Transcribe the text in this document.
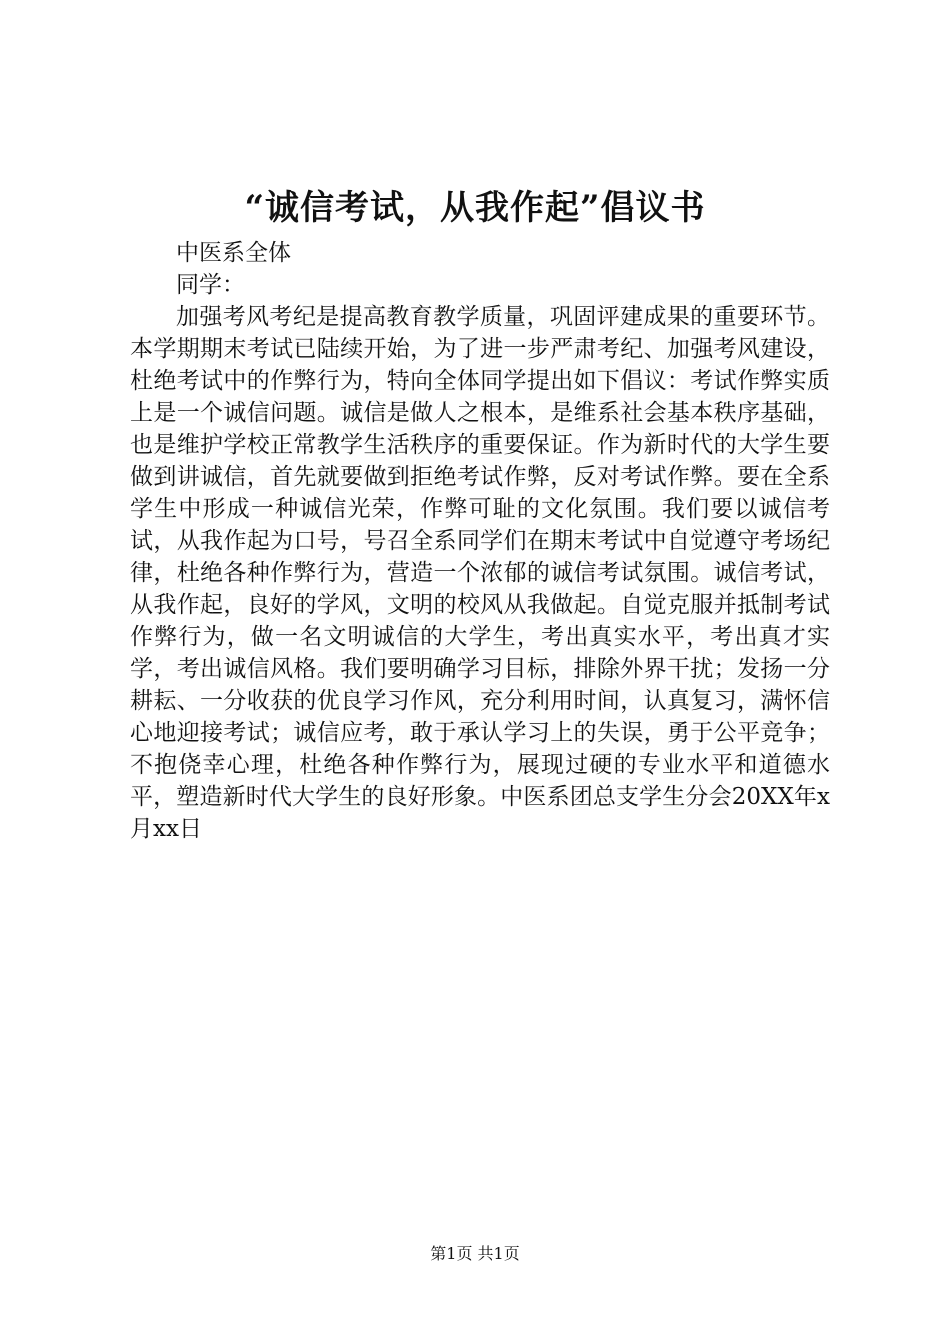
“诚信考试，从我作起”倡议书

中医系全体

同学：

加强考风考纪是提高教育教学质量，巩固评建成果的重要环节。本学期期末考试已陆续开始，为了进一步严肃考纪、加强考风建设，杜绝考试中的作弊行为，特向全体同学提出如下倡议：考试作弊实质上是一个诚信问题。诚信是做人之根本，是维系社会基本秩序基础，也是维护学校正常教学生活秩序的重要保证。作为新时代的大学生要做到讲诚信，首先就要做到拒绝考试作弊，反对考试作弊。要在全系学生中形成一种诚信光荣，作弊可耻的文化氛围。我们要以诚信考试，从我作起为口号，号召全系同学们在期末考试中自觉遵守考场纪律，杜绝各种作弊行为，营造一个浓郁的诚信考试氛围。诚信考试，从我作起，良好的学风，文明的校风从我做起。自觉克服并抵制考试作弊行为，做一名文明诚信的大学生，考出真实水平，考出真才实学，考出诚信风格。我们要明确学习目标，排除外界干扰；发扬一分耕耘、一分收获的优良学习作风，充分利用时间，认真复习，满怀信心地迎接考试；诚信应考，敢于承认学习上的失误，勇于公平竞争；不抱侥幸心理，杜绝各种作弊行为，展现过硬的专业水平和道德水平，塑造新时代大学生的良好形象。中医系团总支学生分会20XX年x月xx日

第1页 共1页
